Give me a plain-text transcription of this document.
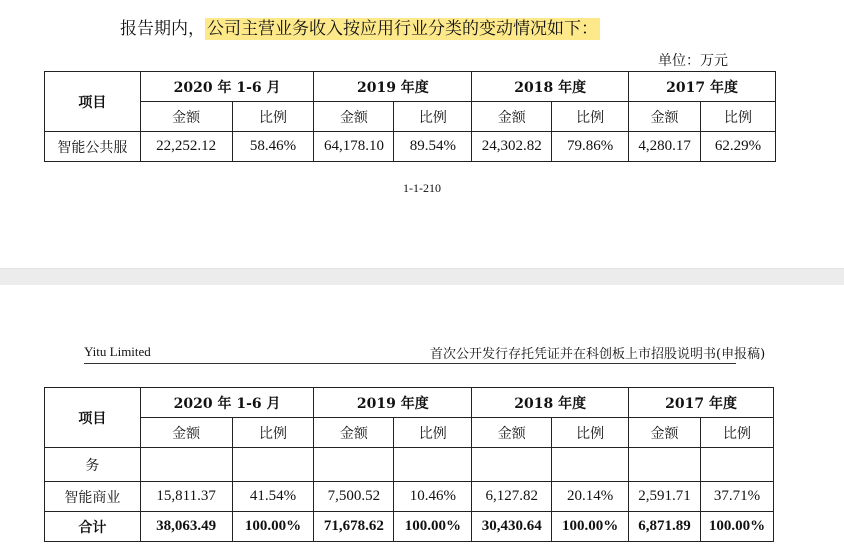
报告期内， 公司主营业务收入按应用行业分类的变动情况如下：
单位：万元
项目	2020 年 1-6 月		2019 年度		2018 年度		2017 年度	
	金额	比例	金额	比例	金额	比例	金额	比例
智能公共服	22,252.12	58.46%	64,178.10	89.54%	24,302.82	79.86%	4,280.17	62.29%
1-1-210
Yitu Limited	首次公开发行存托凭证并在科创板上市招股说明书(申报稿)
项目	2020 年 1-6 月		2019 年度		2018 年度		2017 年度	
	金额	比例	金额	比例	金额	比例	金额	比例
务								
智能商业	15,811.37	41.54%	7,500.52	10.46%	6,127.82	20.14%	2,591.71	37.71%
合计	38,063.49	100.00%	71,678.62	100.00%	30,430.64	100.00%	6,871.89	100.00%
